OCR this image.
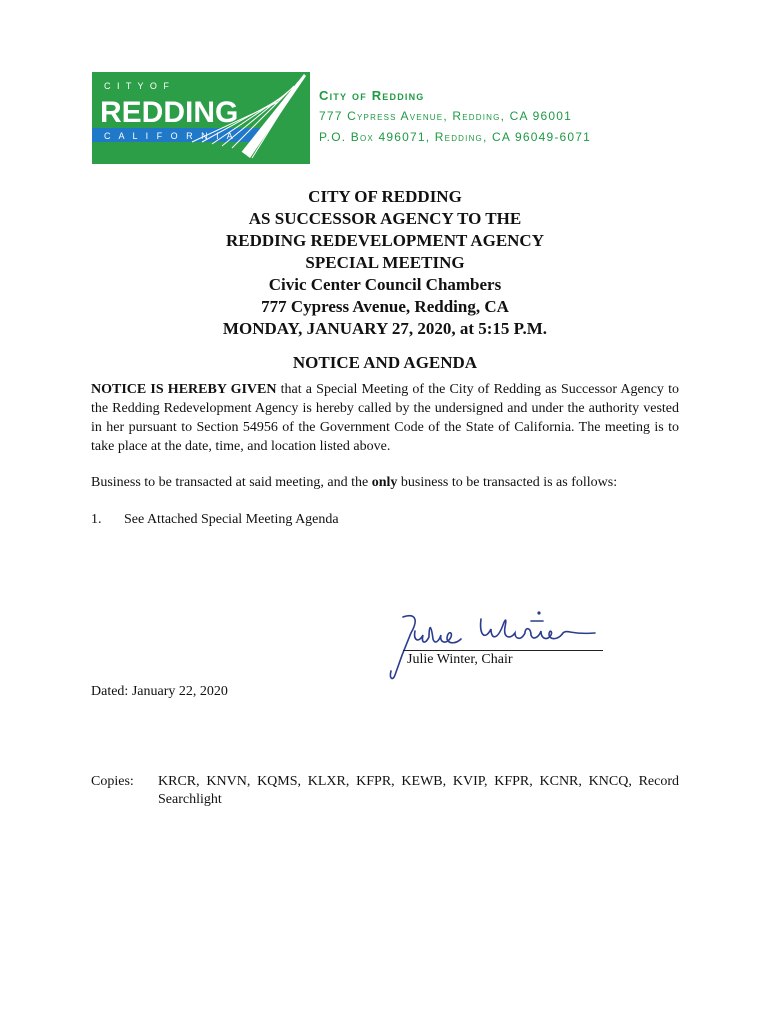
C I T Y O F
REDDING
C A L I F O R N I A
City of Redding
777 Cypress Avenue, Redding, CA 96001
P.O. Box 496071, Redding, CA 96049-6071
CITY OF REDDING
AS SUCCESSOR AGENCY TO THE
REDDING REDEVELOPMENT AGENCY
SPECIAL MEETING
Civic Center Council Chambers
777 Cypress Avenue, Redding, CA
MONDAY, JANUARY 27, 2020, at 5:15 P.M.
NOTICE AND AGENDA

NOTICE IS HEREBY GIVEN that a Special Meeting of the City of Redding as Successor Agency to the Redding Redevelopment Agency is hereby called by the undersigned and under the authority vested in her pursuant to Section 54956 of the Government Code of the State of California. The meeting is to take place at the date, time, and location listed above.

Business to be transacted at said meeting, and the only business to be transacted is as follows:

1.	See Attached Special Meeting Agenda
Julie Winter, Chair
Dated: January 22, 2020
Copies:	KRCR, KNVN, KQMS, KLXR, KFPR, KEWB, KVIP, KFPR, KCNR, KNCQ, Record Searchlight
